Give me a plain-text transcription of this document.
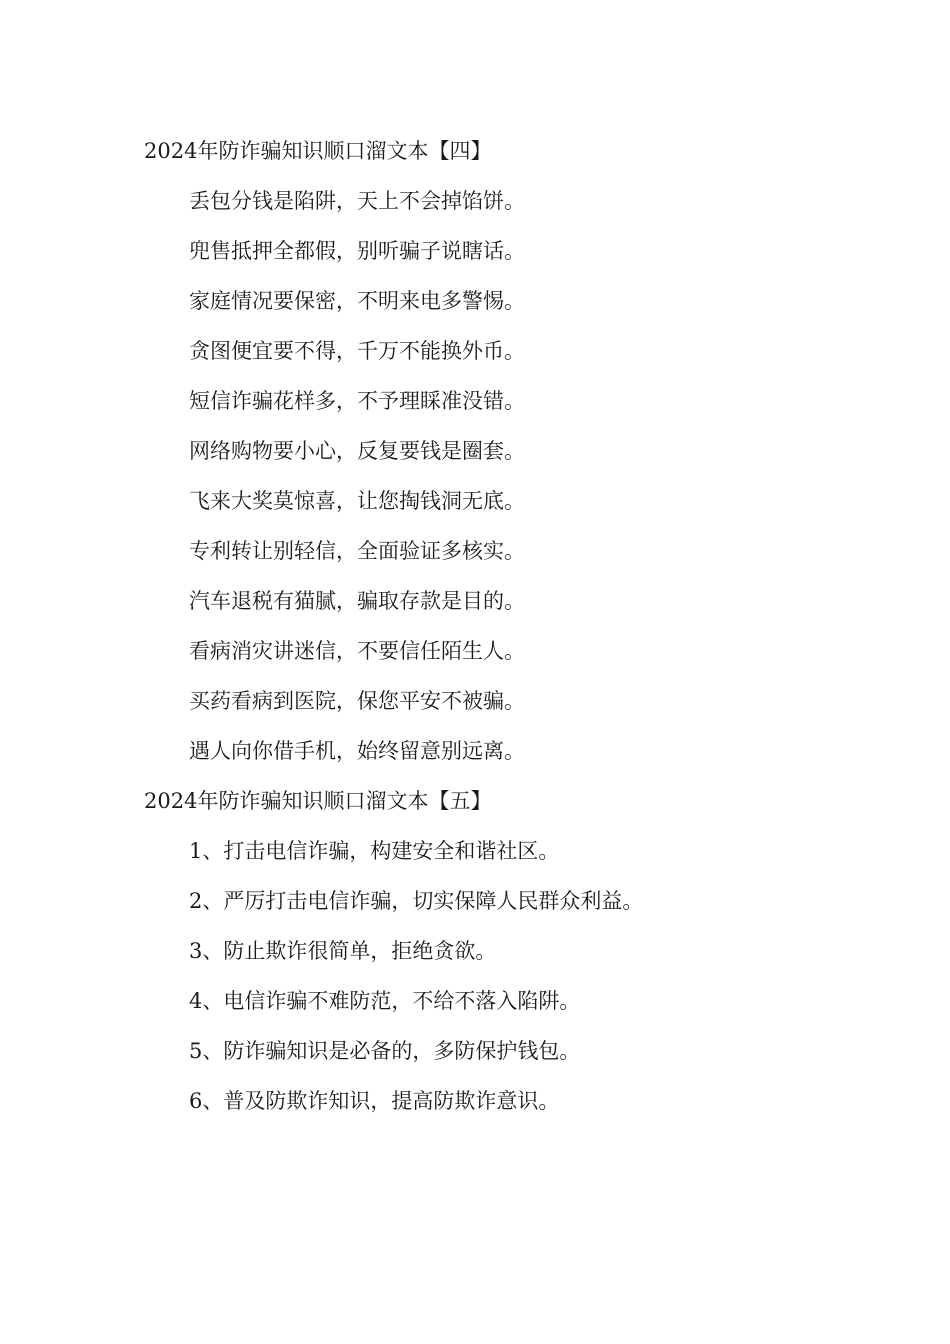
2024年防诈骗知识顺口溜文本【四】

丢包分钱是陷阱，天上不会掉馅饼。

兜售抵押全都假，别听骗子说瞎话。

家庭情况要保密，不明来电多警惕。

贪图便宜要不得，千万不能换外币。

短信诈骗花样多，不予理睬准没错。

网络购物要小心，反复要钱是圈套。

飞来大奖莫惊喜，让您掏钱洞无底。

专利转让别轻信，全面验证多核实。

汽车退税有猫腻，骗取存款是目的。

看病消灾讲迷信，不要信任陌生人。

买药看病到医院，保您平安不被骗。

遇人向你借手机，始终留意别远离。

2024年防诈骗知识顺口溜文本【五】

1、打击电信诈骗，构建安全和谐社区。

2、严厉打击电信诈骗，切实保障人民群众利益。

3、防止欺诈很简单，拒绝贪欲。

4、电信诈骗不难防范，不给不落入陷阱。

5、防诈骗知识是必备的，多防保护钱包。

6、普及防欺诈知识，提高防欺诈意识。
